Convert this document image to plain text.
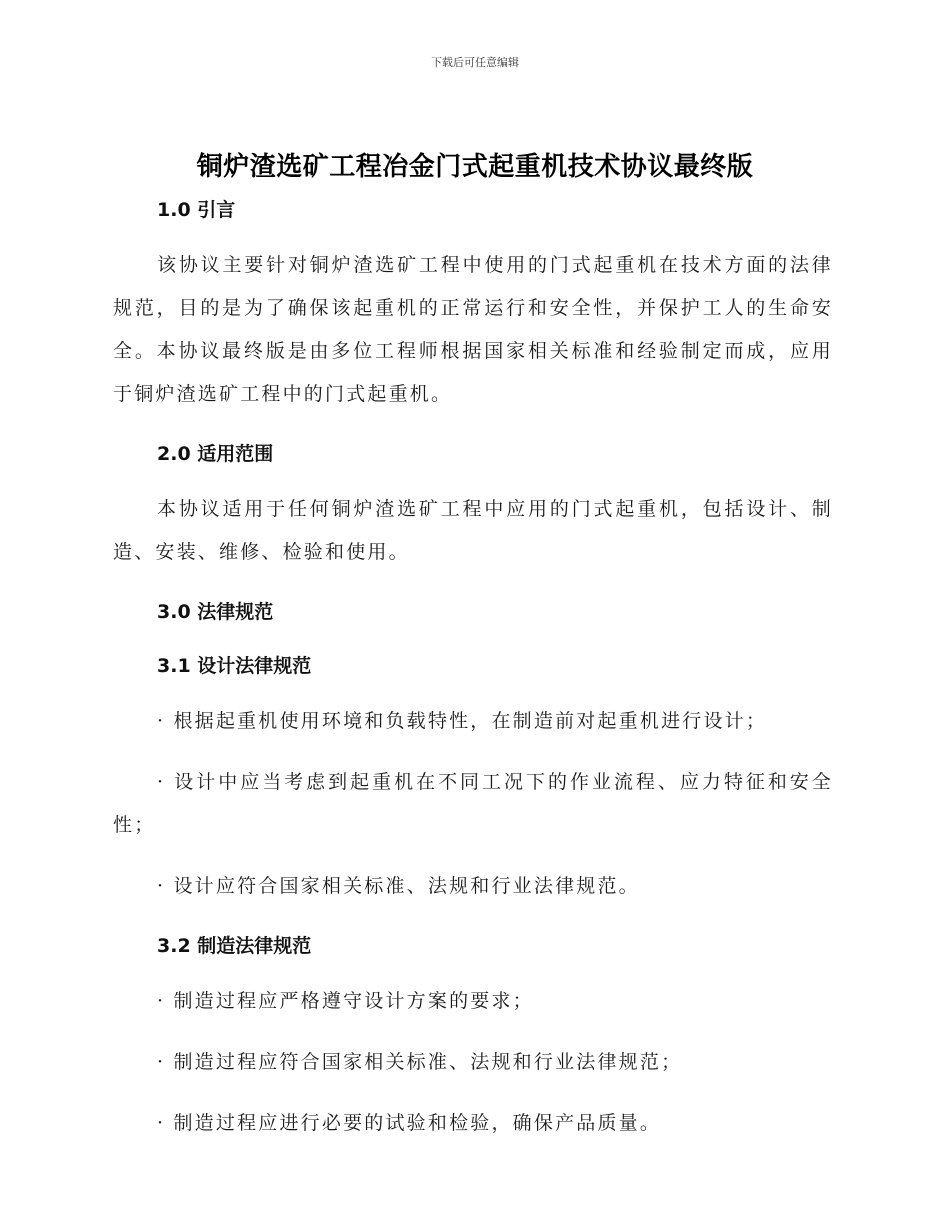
下载后可任意编辑
铜炉渣选矿工程冶金门式起重机技术协议最终版
1.0 引言

该协议主要针对铜炉渣选矿工程中使用的门式起重机在技术方面的法律规范，目的是为了确保该起重机的正常运行和安全性，并保护工人的生命安全。本协议最终版是由多位工程师根据国家相关标准和经验制定而成，应用于铜炉渣选矿工程中的门式起重机。

2.0 适用范围

本协议适用于任何铜炉渣选矿工程中应用的门式起重机，包括设计、制造、安装、维修、检验和使用。

3.0 法律规范
3.1 设计法律规范

· 根据起重机使用环境和负载特性，在制造前对起重机进行设计；

· 设计中应当考虑到起重机在不同工况下的作业流程、应力特征和安全性；

· 设计应符合国家相关标准、法规和行业法律规范。

3.2 制造法律规范

· 制造过程应严格遵守设计方案的要求；

· 制造过程应符合国家相关标准、法规和行业法律规范；

· 制造过程应进行必要的试验和检验，确保产品质量。
